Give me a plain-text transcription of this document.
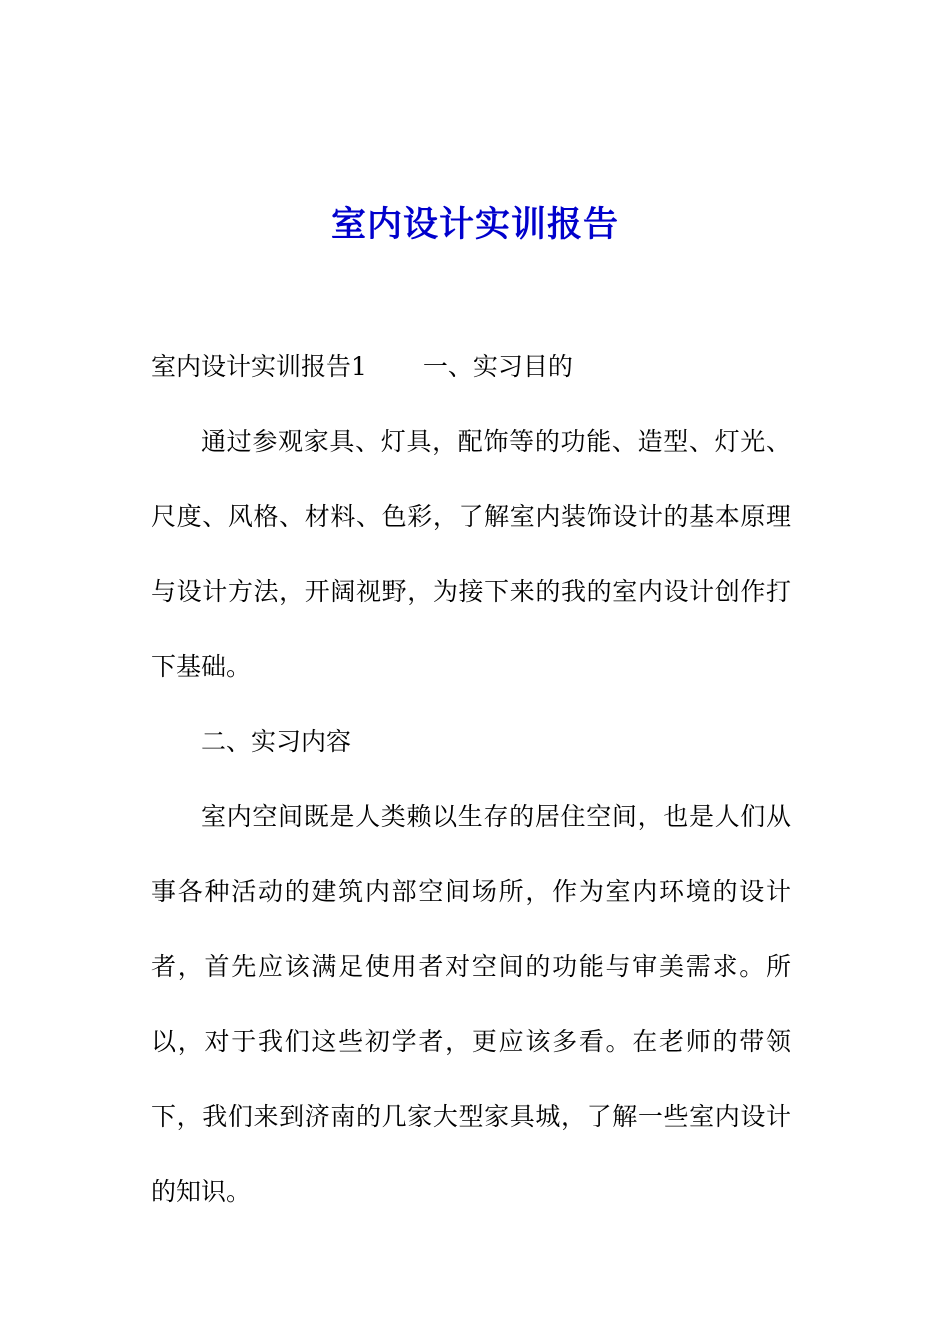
室内设计实训报告

室内设计实训报告1 一、实习目的

通过参观家具、灯具，配饰等的功能、造型、灯光、尺度、风格、材料、色彩，了解室内装饰设计的基本原理与设计方法，开阔视野，为接下来的我的室内设计创作打下基础。

二、实习内容

室内空间既是人类赖以生存的居住空间，也是人们从事各种活动的建筑内部空间场所，作为室内环境的设计者，首先应该满足使用者对空间的功能与审美需求。所以，对于我们这些初学者，更应该多看。在老师的带领下，我们来到济南的几家大型家具城，了解一些室内设计的知识。
